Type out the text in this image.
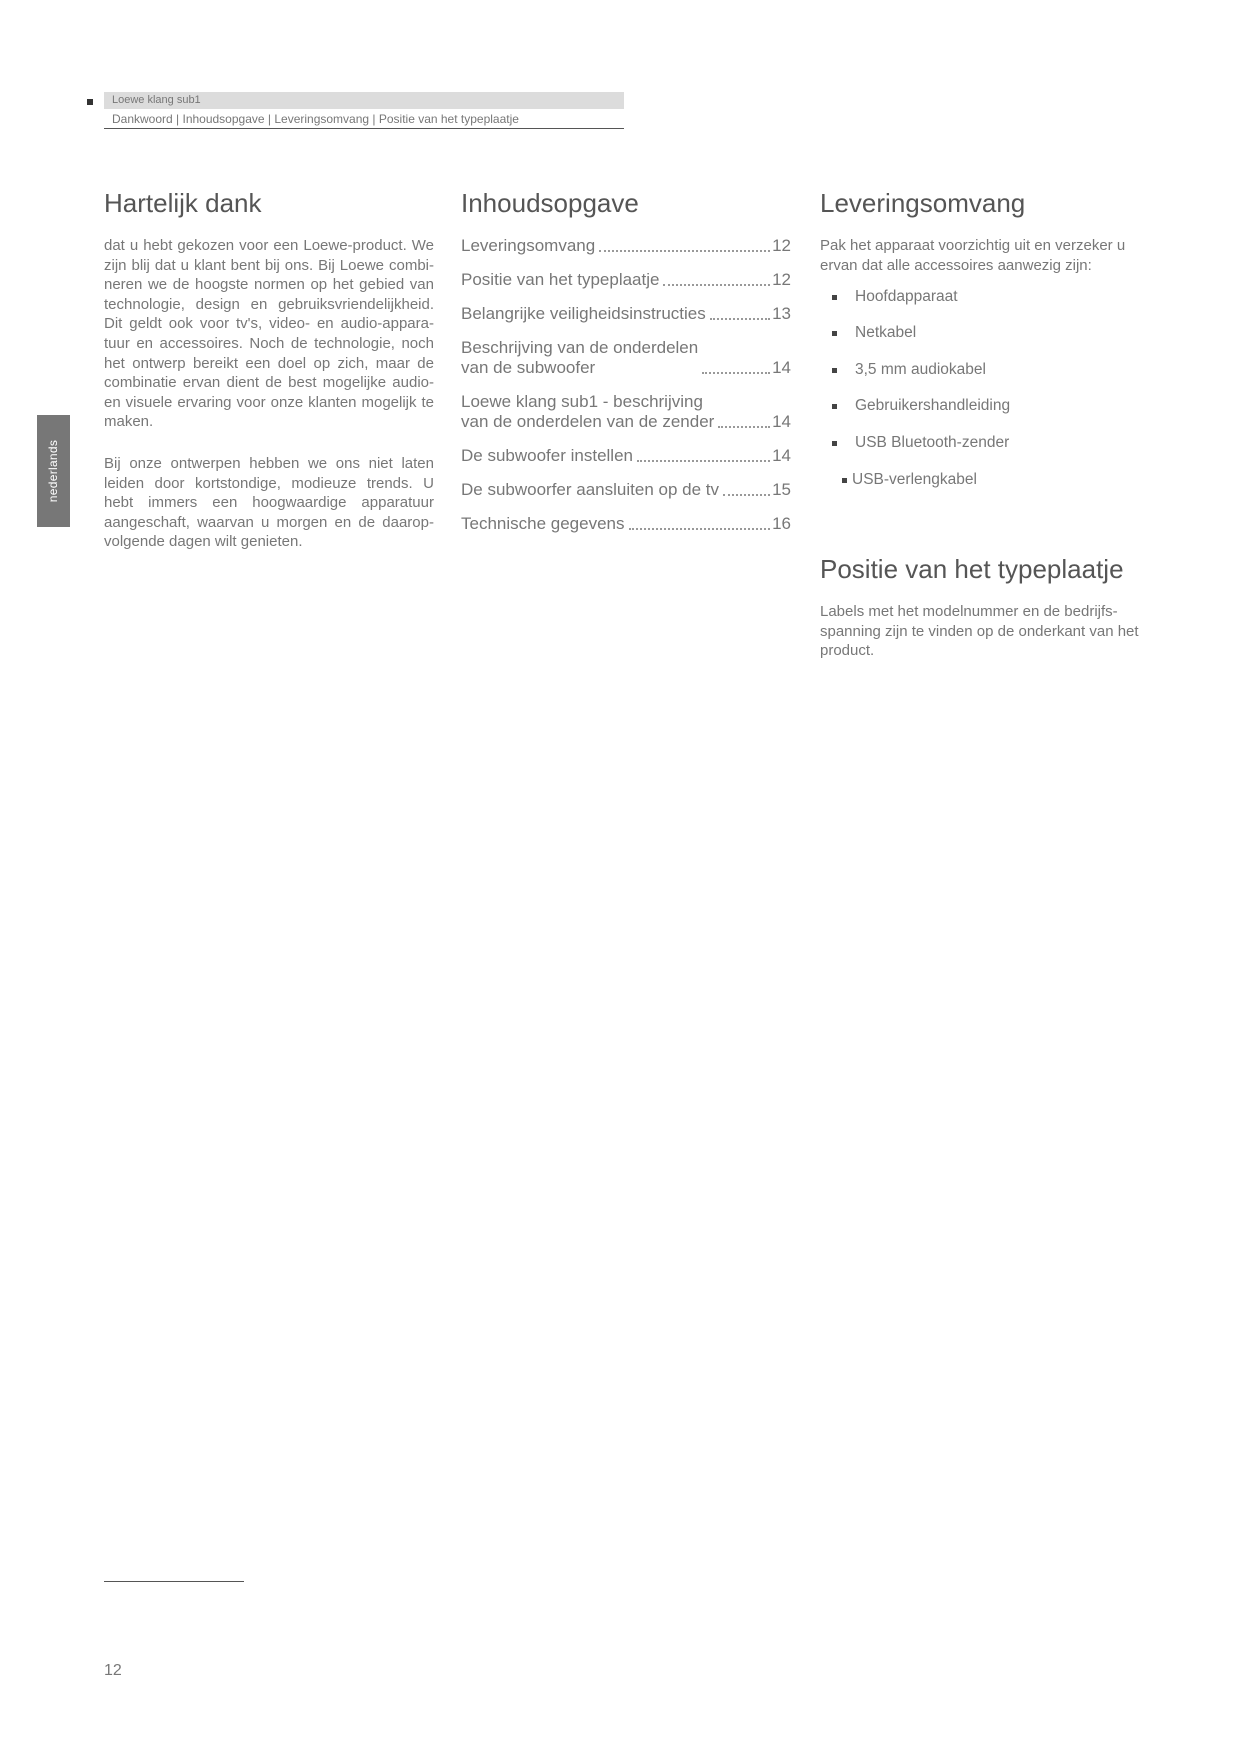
Loewe klang sub1
Dankwoord | Inhoudsopgave | Leveringsomvang | Positie van het typeplaatje
nederlands
Hartelijk dank

dat u hebt gekozen voor een Loewe-product. We zijn blij dat u klant bent bij ons. Bij Loewe combineren we de hoogste normen op het gebied van technologie, design en gebruiksvriendelijkheid. Dit geldt ook voor tv's, video- en audio-apparatuur en accessoires. Noch de technologie, noch het ontwerp bereikt een doel op zich, maar de combinatie ervan dient de best mogelijke audio- en visuele ervaring voor onze klanten mogelijk te maken.

Bij onze ontwerpen hebben we ons niet laten leiden door kortstondige, modieuze trends. U hebt immers een hoogwaardige apparatuur aangeschaft, waarvan u morgen en de daaropvolgende dagen wilt genieten.

Inhoudsopgave
Leveringsomvang	12
Positie van het typeplaatje	12
Belangrijke veiligheidsinstructies	13
Beschrijving van de onderdelen
van de subwoofer	14
Loewe klang sub1 - beschrijving
van de onderdelen van de zender	14
De subwoofer instellen	14
De subwoorfer aansluiten op de tv	15
Technische gegevens	16
Leveringsomvang

Pak het apparaat voorzichtig uit en verzeker u ervan dat alle accessoires aanwezig zijn:

Hoofdapparaat
Netkabel
3,5 mm audiokabel
Gebruikershandleiding
USB Bluetooth-zender
USB-verlengkabel
Positie van het typeplaatje

Labels met het modelnummer en de bedrijfsspanning zijn te vinden op de onderkant van het product.

12
